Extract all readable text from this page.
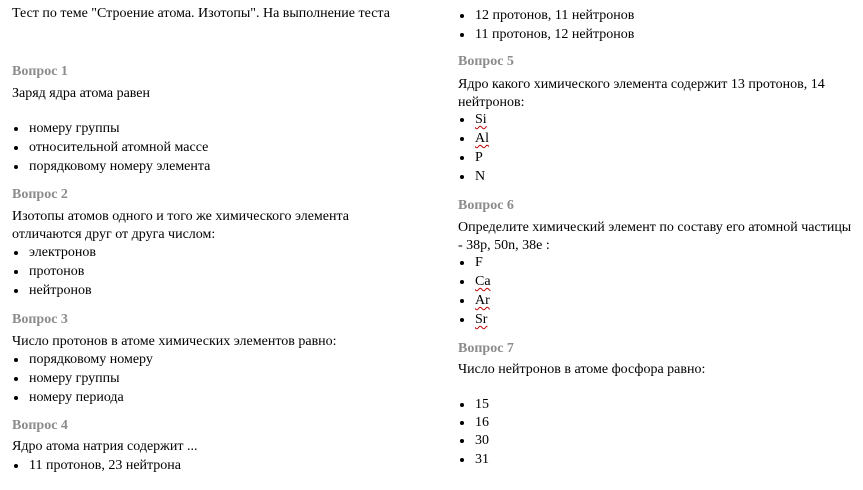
Тест по теме "Строение атома. Изотопы". На выполнение теста
Вопрос 1
Заряд ядра атома равен
номеру группы
относительной атомной массе
порядковому номеру элемента
Вопрос 2
Изотопы атомов одного и того же химического элемента отличаются друг от друга числом:
электронов
протонов
нейтронов
Вопрос 3
Число протонов в атоме химических элементов равно:
порядковому номеру
номеру группы
номеру периода
Вопрос 4
Ядро атома натрия содержит ...
11 протонов, 23 нейтрона
12 протонов, 11 нейтронов
11 протонов, 12 нейтронов
Вопрос 5
Ядро какого химического элемента содержит 13 протонов, 14 нейтронов:
Si
Al
P
N
Вопрос 6
Определите химический элемент по составу его атомной частицы - 38p, 50n, 38e :
F
Ca
Ar
Sr
Вопрос 7
Число нейтронов в атоме фосфора равно:
15
16
30
31
